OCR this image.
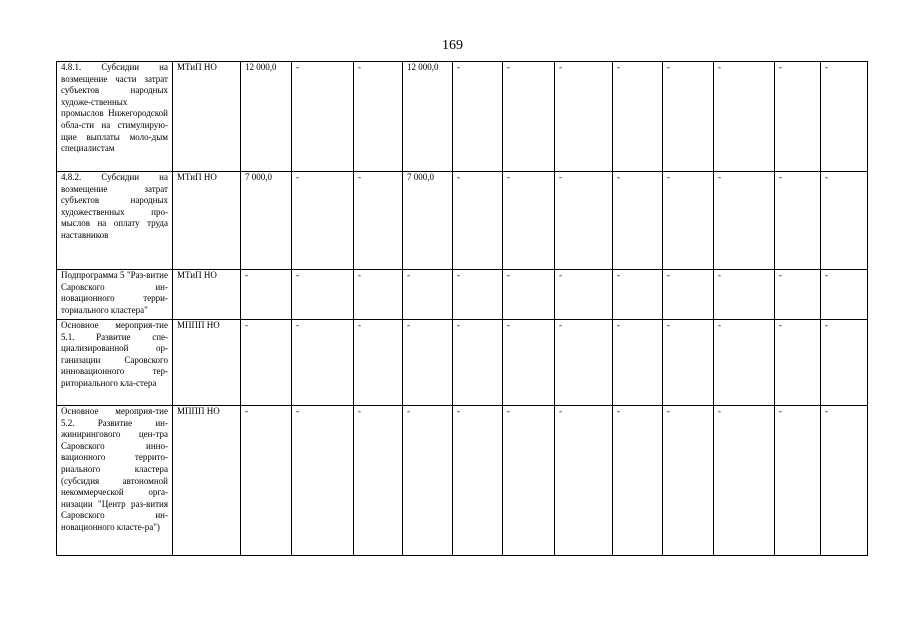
169
4.8.1. Субсидии на возмещение части затрат субъектов народных художе-ственных промыслов Нижегородской обла-сти на стимулирую-щие выплаты моло-дым специалистам	МТиП НО	12 000,0	-	-	12 000,0	-	-	-	-	-	-	-	-
4.8.2. Субсидии на возмещение затрат субъектов народных художественных про-мыслов на оплату труда наставников	МТиП НО	7 000,0	-	-	7 000,0	-	-	-	-	-	-	-	-
Подпрограмма 5 "Раз-витие Саровского ин-новационного терри-ториального кластера"	МТиП НО	-	-	-	-	-	-	-	-	-	-	-	-
Основное мероприя-тие 5.1. Развитие спе-циализированной ор-ганизации Саровского инновационного тер-риториального кла-стера	МППП НО	-	-	-	-	-	-	-	-	-	-	-	-
Основное мероприя-тие 5.2. Развитие ин-жинирингового цен-тра Саровского инно-вационного террито-риального кластера (субсидия автономной некоммерческой орга-низации "Центр раз-вития Саровского ин-новационного класте-ра")	МППП НО	-	-	-	-	-	-	-	-	-	-	-	-
